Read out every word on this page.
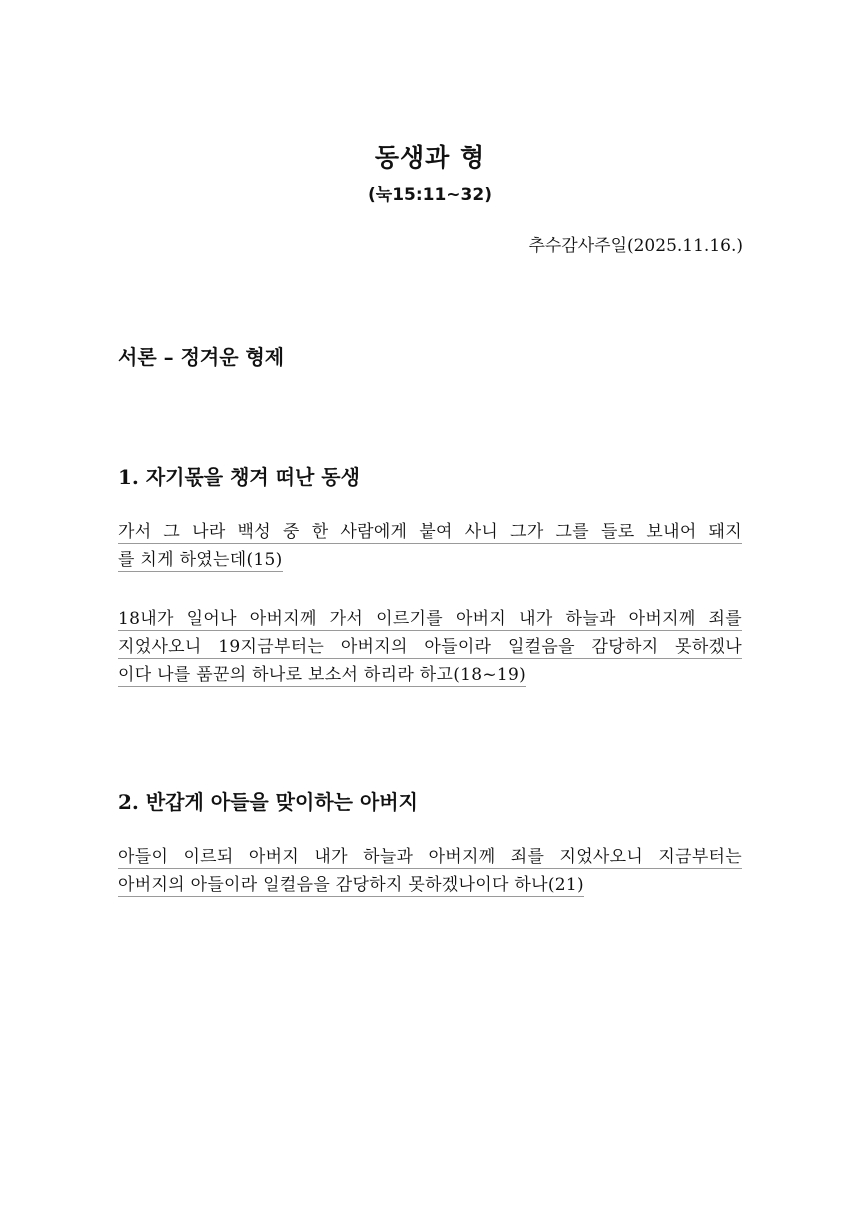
동생과 형
(눅15:11~32)
추수감사주일(2025.11.16.)
서론 – 정겨운 형제
1. 자기몫을 챙겨 떠난 동생
가서 그 나라 백성 중 한 사람에게 붙여 사니 그가 그를 들로 보내어 돼지
를 치게 하였는데(15)
18내가 일어나 아버지께 가서 이르기를 아버지 내가 하늘과 아버지께 죄를
지었사오니 19지금부터는 아버지의 아들이라 일컬음을 감당하지 못하겠나
이다 나를 품꾼의 하나로 보소서 하리라 하고(18~19)
2. 반갑게 아들을 맞이하는 아버지
아들이 이르되 아버지 내가 하늘과 아버지께 죄를 지었사오니 지금부터는
아버지의 아들이라 일컬음을 감당하지 못하겠나이다 하나(21)
